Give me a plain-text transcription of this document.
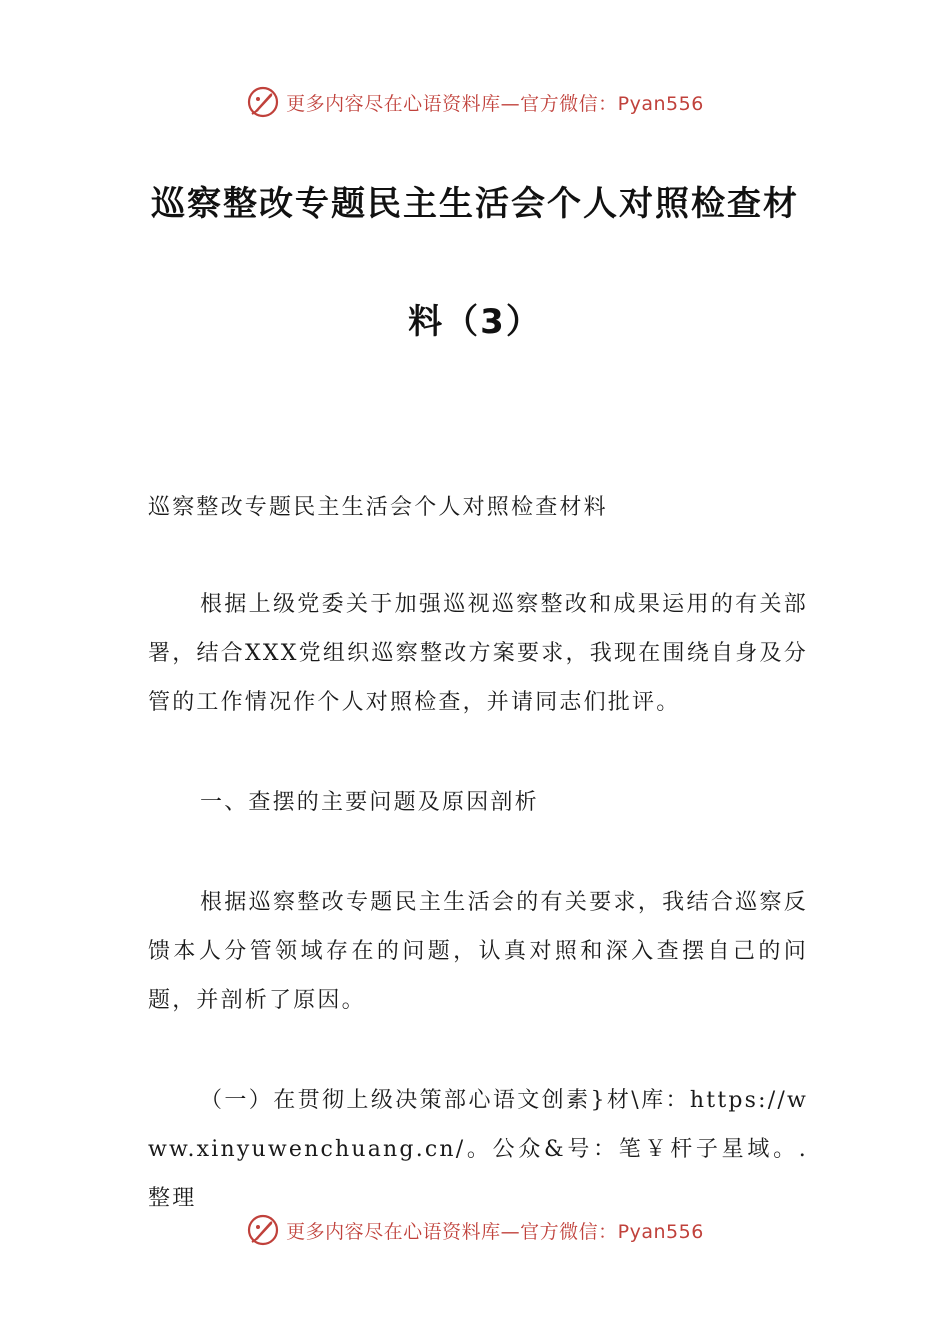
更多内容尽在心语资料库—官方微信：Pyan556
巡察整改专题民主生活会个人对照检查材
料（3）

巡察整改专题民主生活会个人对照检查材料

根据上级党委关于加强巡视巡察整改和成果运用的有关部署，结合XXX党组织巡察整改方案要求，我现在围绕自身及分管的工作情况作个人对照检查，并请同志们批评。

一、查摆的主要问题及原因剖析

根据巡察整改专题民主生活会的有关要求，我结合巡察反馈本人分管领域存在的问题，认真对照和深入查摆自己的问题，并剖析了原因。

（一）在贯彻上级决策部心语文创素}材\库：https://www.xinyuwenchuang.cn/。公众&号：笔￥杆子星域。.整理

更多内容尽在心语资料库—官方微信：Pyan556
